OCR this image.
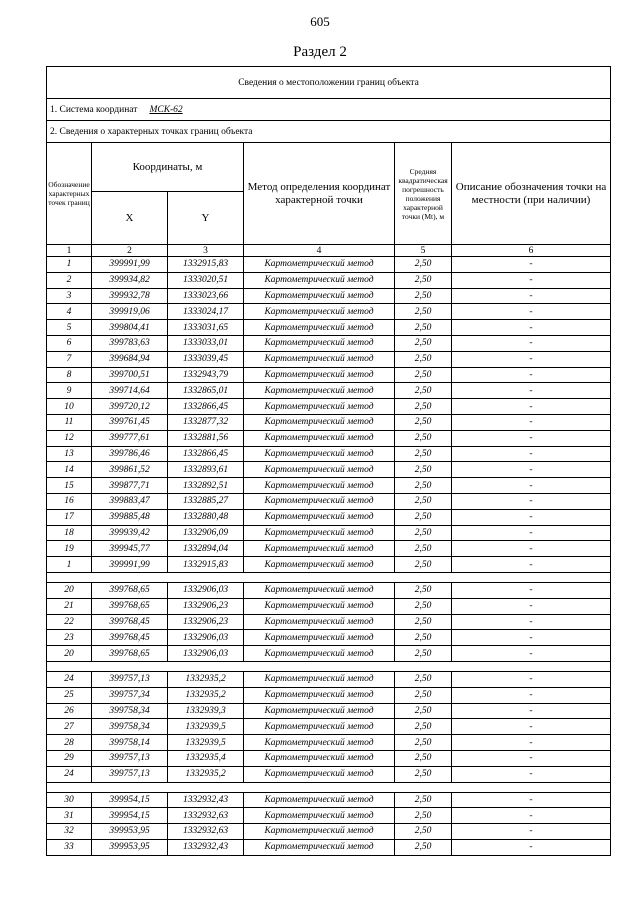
605
Раздел 2
Сведения о местоположении границ объекта					
1. Система координат МСК-62					
2. Сведения о характерных точках границ объекта					
Обозначение характерных точек границ	Координаты, м		Метод определения координат характерной точки	Средняя квадратическая погрешность положения характерной точки (Mt), м	Описание обозначения точки на местности (при наличии)
	X	Y			
1	2	3	4	5	6
1	399991,99	1332915,83	Картометрический метод	2,50	-
2	399934,82	1333020,51	Картометрический метод	2,50	-
3	399932,78	1333023,66	Картометрический метод	2,50	-
4	399919,06	1333024,17	Картометрический метод	2,50	-
5	399804,41	1333031,65	Картометрический метод	2,50	-
6	399783,63	1333033,01	Картометрический метод	2,50	-
7	399684,94	1333039,45	Картометрический метод	2,50	-
8	399700,51	1332943,79	Картометрический метод	2,50	-
9	399714,64	1332865,01	Картометрический метод	2,50	-
10	399720,12	1332866,45	Картометрический метод	2,50	-
11	399761,45	1332877,32	Картометрический метод	2,50	-
12	399777,61	1332881,56	Картометрический метод	2,50	-
13	399786,46	1332866,45	Картометрический метод	2,50	-
14	399861,52	1332893,61	Картометрический метод	2,50	-
15	399877,71	1332892,51	Картометрический метод	2,50	-
16	399883,47	1332885,27	Картометрический метод	2,50	-
17	399885,48	1332880,48	Картометрический метод	2,50	-
18	399939,42	1332906,09	Картометрический метод	2,50	-
19	399945,77	1332894,04	Картометрический метод	2,50	-
1	399991,99	1332915,83	Картометрический метод	2,50	-

20	399768,65	1332906,03	Картометрический метод	2,50	-
21	399768,65	1332906,23	Картометрический метод	2,50	-
22	399768,45	1332906,23	Картометрический метод	2,50	-
23	399768,45	1332906,03	Картометрический метод	2,50	-
20	399768,65	1332906,03	Картометрический метод	2,50	-

24	399757,13	1332935,2	Картометрический метод	2,50	-
25	399757,34	1332935,2	Картометрический метод	2,50	-
26	399758,34	1332939,3	Картометрический метод	2,50	-
27	399758,34	1332939,5	Картометрический метод	2,50	-
28	399758,14	1332939,5	Картометрический метод	2,50	-
29	399757,13	1332935,4	Картометрический метод	2,50	-
24	399757,13	1332935,2	Картометрический метод	2,50	-

30	399954,15	1332932,43	Картометрический метод	2,50	-
31	399954,15	1332932,63	Картометрический метод	2,50	-
32	399953,95	1332932,63	Картометрический метод	2,50	-
33	399953,95	1332932,43	Картометрический метод	2,50	-
